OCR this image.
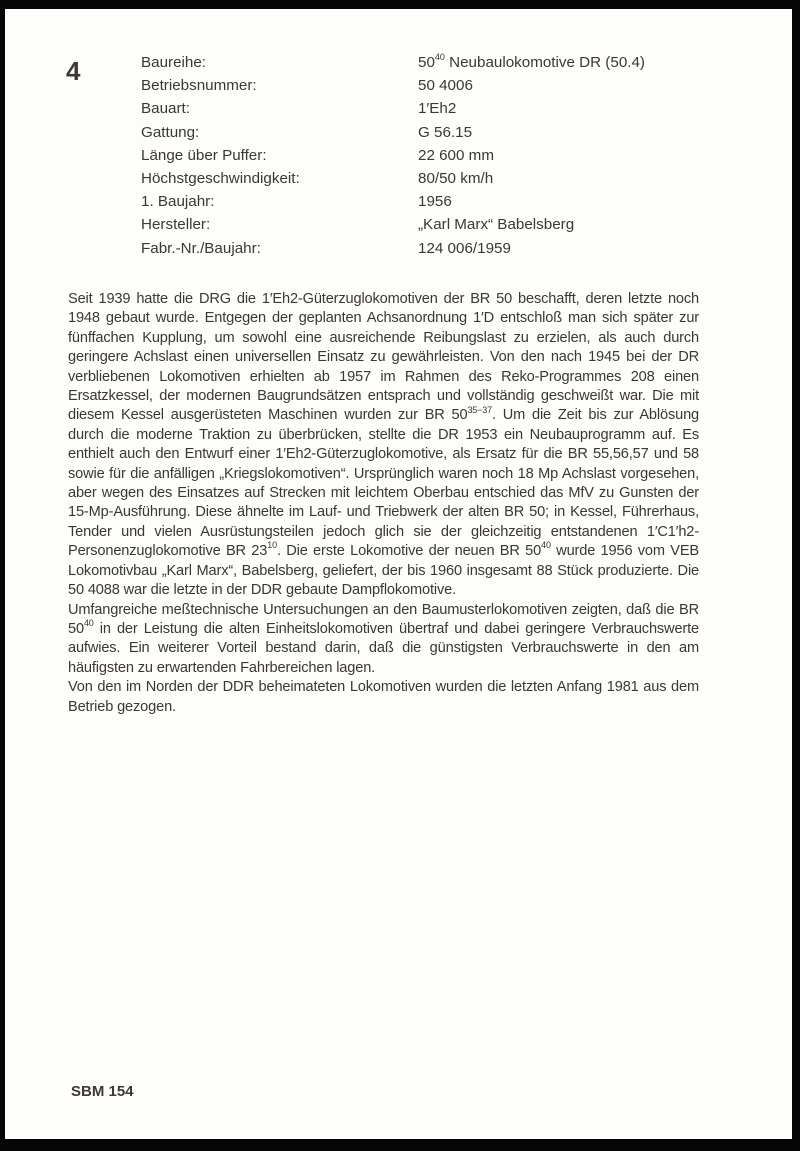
4	Baureihe:	$50^{40}$ Neubaulokomotive DR (50.4)
Betriebsnummer:	50 4006
Bauart:	1′Eh2
Gattung:	G 56.15
Länge über Puffer:	22 600 mm
Höchstgeschwindigkeit:	80/50 km/h
1. Baujahr:	1956
Hersteller:	„Karl Marx“ Babelsberg
Fabr.-Nr./Baujahr:	124 006/1959

Seit 1939 hatte die DRG die 1′Eh2-Güterzuglokomotiven der BR 50 beschafft, deren letzte noch 1948 gebaut wurde. Entgegen der geplanten Achsanordnung 1′D entschloß man sich später zur fünffachen Kupplung, um sowohl eine ausreichende Reibungslast zu erzielen, als auch durch geringere Achslast einen universellen Einsatz zu gewährleisten. Von den nach 1945 bei der DR verbliebenen Lokomotiven erhielten ab 1957 im Rahmen des Reko-Programmes 208 einen Ersatzkessel, der modernen Baugrundsätzen entsprach und vollständig geschweißt war. Die mit diesem Kessel ausgerüsteten Maschinen wurden zur BR $50^{35-37}$. Um die Zeit bis zur Ablösung durch die moderne Traktion zu überbrücken, stellte die DR 1953 ein Neubauprogramm auf. Es enthielt auch den Entwurf einer 1′Eh2-Güterzuglokomotive, als Ersatz für die BR 55,56,57 und 58 sowie für die anfälligen „Kriegslokomotiven“. Ursprünglich waren noch 18 Mp Achslast vorgesehen, aber wegen des Einsatzes auf Strecken mit leichtem Oberbau entschied das MfV zu Gunsten der 15-Mp-Ausführung. Diese ähnelte im Lauf- und Triebwerk der alten BR 50; in Kessel, Führerhaus, Tender und vielen Ausrüstungsteilen jedoch glich sie der gleichzeitig entstandenen 1′C1′h2-Personenzuglokomotive BR $23^{10}$. Die erste Lokomotive der neuen BR $50^{40}$ wurde 1956 vom VEB Lokomotivbau „Karl Marx“, Babelsberg, geliefert, der bis 1960 insgesamt 88 Stück produzierte. Die 50 4088 war die letzte in der DDR gebaute Dampflokomotive.

Umfangreiche meßtechnische Untersuchungen an den Baumusterlokomotiven zeigten, daß die BR $50^{40}$ in der Leistung die alten Einheitslokomotiven übertraf und dabei geringere Verbrauchswerte aufwies. Ein weiterer Vorteil bestand darin, daß die günstigsten Verbrauchswerte in den am häufigsten zu erwartenden Fahrbereichen lagen.

Von den im Norden der DDR beheimateten Lokomotiven wurden die letzten Anfang 1981 aus dem Betrieb gezogen.

SBM 154
